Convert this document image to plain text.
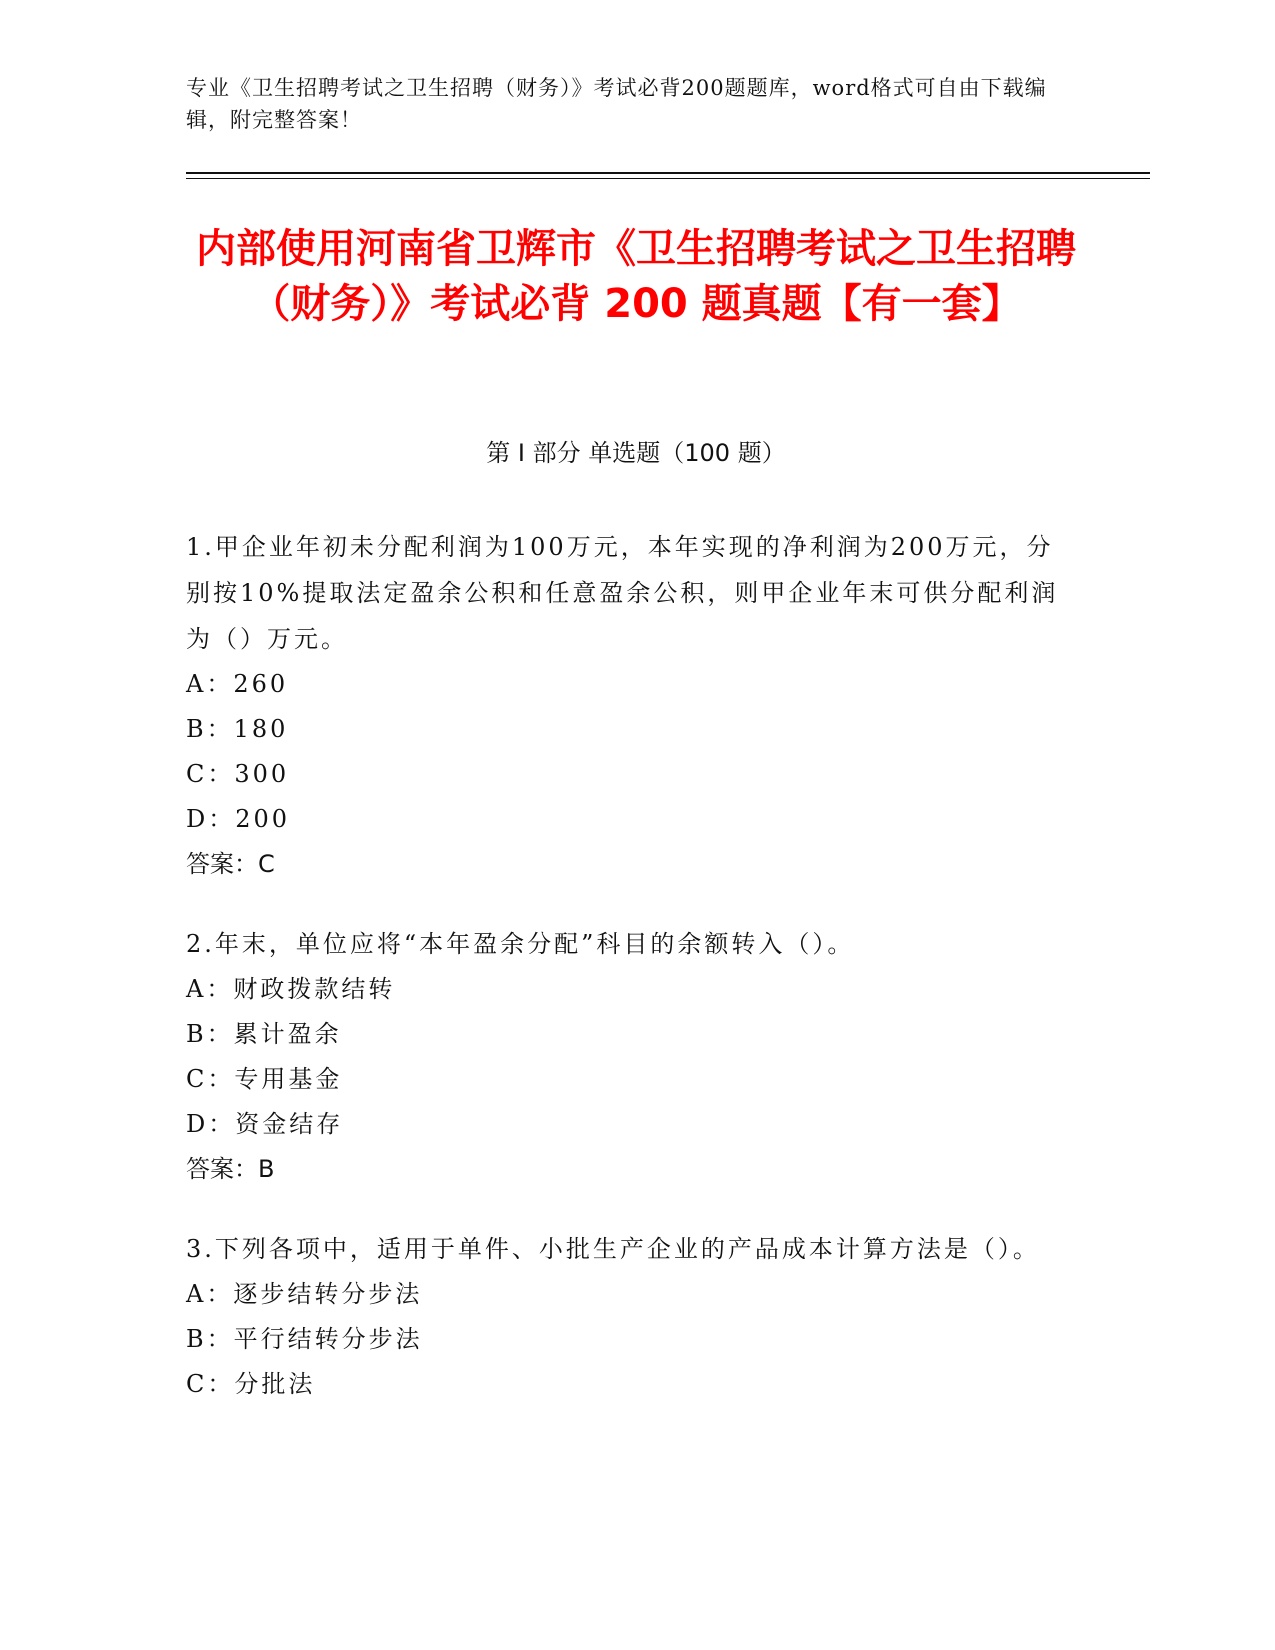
专业《卫生招聘考试之卫生招聘（财务）》考试必背200题题库，word格式可自由下载编辑，附完整答案！
内部使用河南省卫辉市《卫生招聘考试之卫生招聘（财务）》考试必背 200 题真题【有一套】
第 I 部分 单选题（100 题）
1.甲企业年初未分配利润为100万元，本年实现的净利润为200万元，分别按10%提取法定盈余公积和任意盈余公积，则甲企业年末可供分配利润为（）万元。
A：260
B：180
C：300
D：200
答案：C
2.年末，单位应将“本年盈余分配”科目的余额转入（）。
A：财政拨款结转
B：累计盈余
C：专用基金
D：资金结存
答案：B
3.下列各项中，适用于单件、小批生产企业的产品成本计算方法是（）。
A：逐步结转分步法
B：平行结转分步法
C：分批法
